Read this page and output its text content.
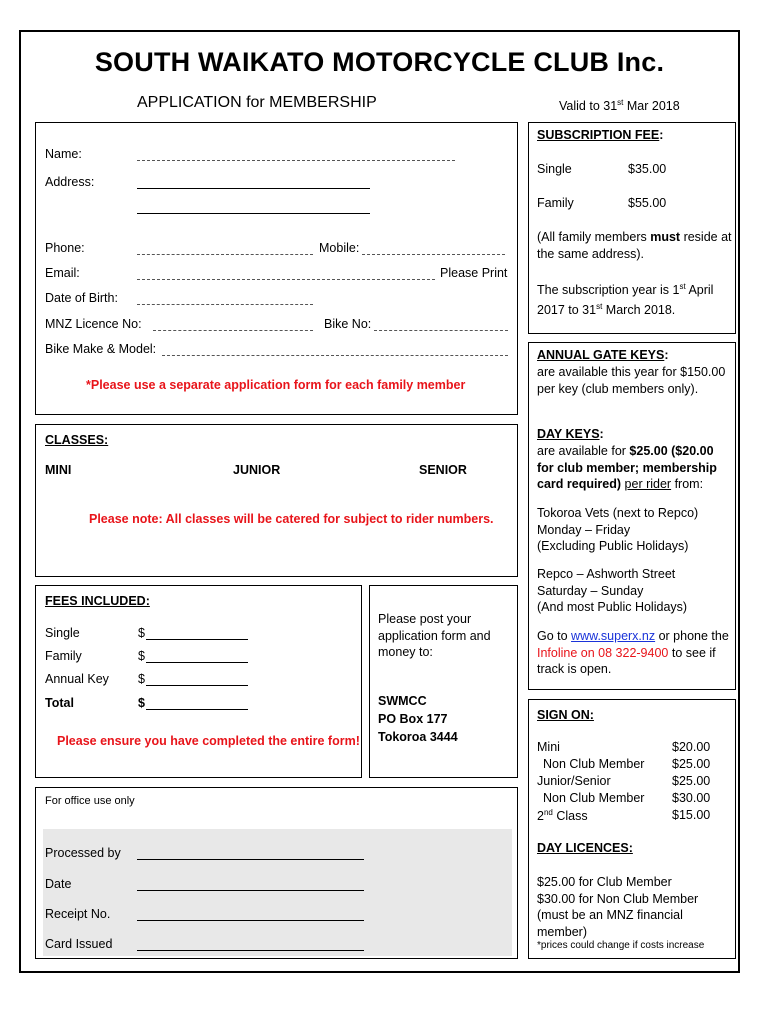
SOUTH WAIKATO MOTORCYCLE CLUB Inc.
APPLICATION for MEMBERSHIP	Valid to 31st Mar 2018
Name:
Address:
Phone:	Mobile:
Email:	Please Print
Date of Birth:
MNZ Licence No:	Bike No:
Bike Make & Model:
*Please use a separate application form for each family member
CLASSES:
MINI	JUNIOR	SENIOR
Please note: All classes will be catered for subject to rider numbers.
FEES INCLUDED:
Single	$
Family	$
Annual Key $
Total	$
Please ensure you have completed the entire form!
Please post your application form and money to:
SWMCC
PO Box 177
Tokoroa 3444
For office use only
Processed by
Date
Receipt No.
Card Issued
SUBSCRIPTION FEE:
Single	$35.00
Family	$55.00
(All family members must reside at the same address).
The subscription year is 1st April 2017 to 31st March 2018.
ANNUAL GATE KEYS:
are available this year for $150.00 per key (club members only).
DAY KEYS:
are available for $25.00 ($20.00 for club member; membership card required) per rider from:
Tokoroa Vets (next to Repco)
Monday – Friday
(Excluding Public Holidays)
Repco – Ashworth Street
Saturday – Sunday
(And most Public Holidays)
Go to www.superx.nz or phone the Infoline on 08 322-9400 to see if track is open.
SIGN ON:
Mini	$20.00
Non Club Member $25.00
Junior/Senior	$25.00
Non Club Member $30.00
2nd Class	$15.00
DAY LICENCES:
$25.00 for Club Member
$30.00 for Non Club Member
(must be an MNZ financial member)
*prices could change if costs increase
